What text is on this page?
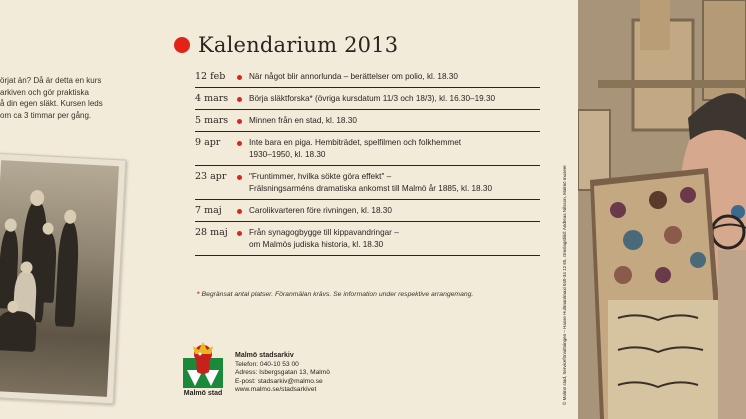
örjat än? Då är detta en kurs
arkiven och gör praktiska
å din egen släkt. Kursen leds
om ca 3 timmar per gång.
Kalendarium 2013
12 feb	När något blir annorlunda – berättelser om polio, kl. 18.30
4 mars	Börja släktforska* (övriga kursdatum 11/3 och 18/3), kl. 16.30–19.30
5 mars	Minnen från en stad, kl. 18.30
9 apr	Inte bara en piga. Hembiträdet, spelfilmen och folkhemmet
1930–1950, kl. 18.30
23 apr	"Fruntimmer, hvilka sökte göra effekt" –
Frälsningsarméns dramatiska ankomst till Malmö år 1885, kl. 18.30
7 maj	Carolikvarteren före rivningen, kl. 18.30
28 maj	Från synagogbygge till kippavandringar –
om Malmös judiska historia, kl. 18.30
* Begränsat antal platser. Föranmälan krävs. Se information under respektive arrangemang.
Malmö stad
Malmö stadsarkiv
Telefon: 040-10 53 00
Adress: Isbergsgatan 13, Malmö
E-post: stadsarkiv@malmo.se
www.malmo.se/stadsarkivet	© Malmö stad, Serviceförvaltningen – Hasse Hultman/maxi 040-34 12 65, Omslagsbild: Andreas Nilsson, Malmö museer
